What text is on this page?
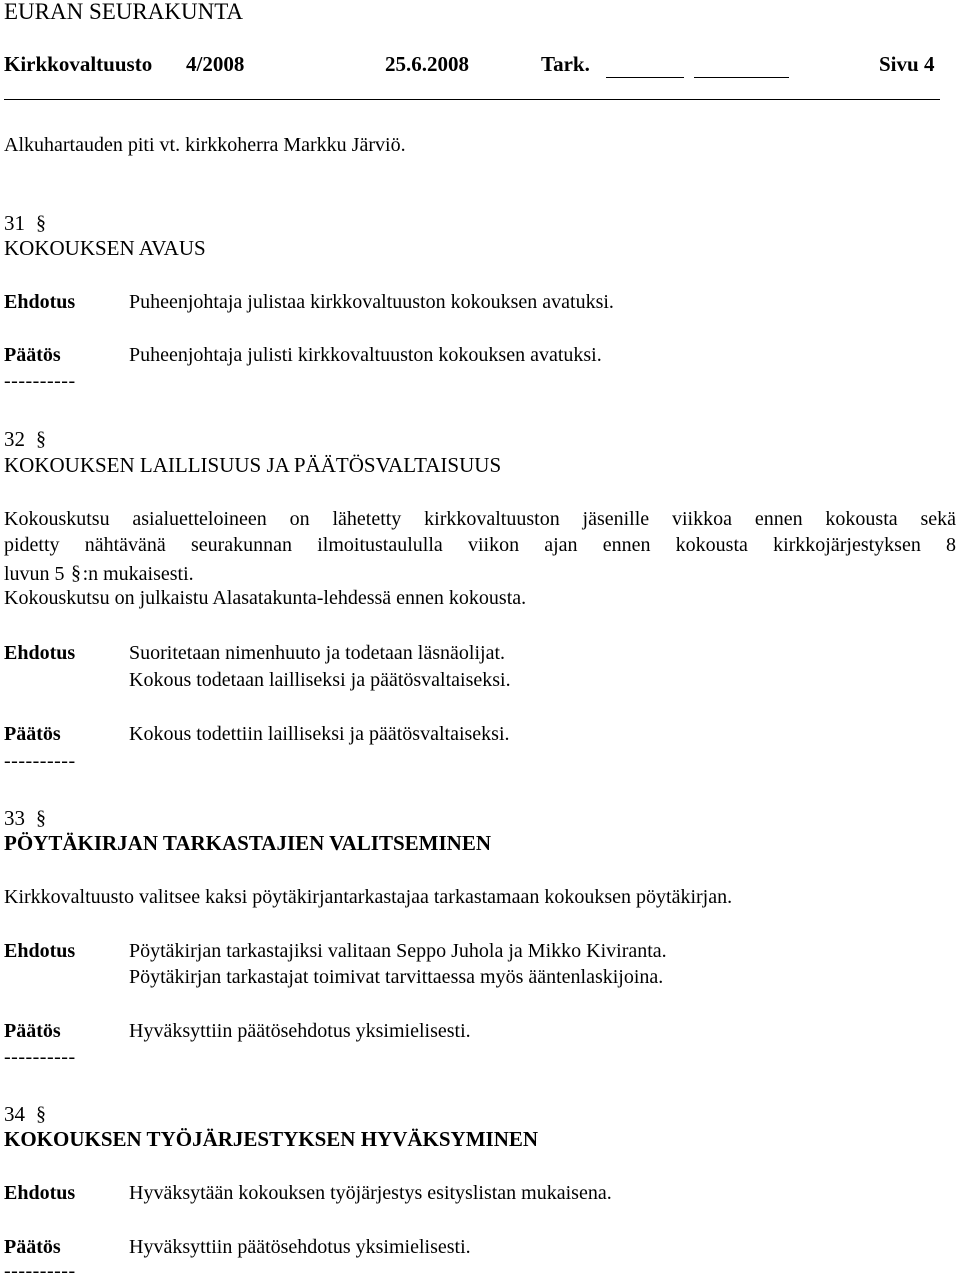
EURAN SEURAKUNTA
Kirkkovaltuusto 4/2008	25.6.2008	Tark.	Sivu 4
Alkuhartauden piti vt. kirkkoherra Markku Järviö.
31 §
KOKOUKSEN AVAUS
Ehdotus	Puheenjohtaja julistaa kirkkovaltuuston kokouksen avatuksi.
Päätös	Puheenjohtaja julisti kirkkovaltuuston kokouksen avatuksi.
----------
32 §
KOKOUKSEN LAILLISUUS JA PÄÄTÖSVALTAISUUS
Kokouskutsu asialuetteloineen on lähetetty kirkkovaltuuston jäsenille viikkoa ennen kokousta sekä
pidetty nähtävänä seurakunnan ilmoitustaululla viikon ajan ennen kokousta kirkkojärjestyksen 8
luvun 5 § :n mukaisesti.
Kokouskutsu on julkaistu Alasatakunta-lehdessä ennen kokousta.
Ehdotus	Suoritetaan nimenhuuto ja todetaan läsnäolijat.
Kokous todetaan lailliseksi ja päätösvaltaiseksi.
Päätös	Kokous todettiin lailliseksi ja päätösvaltaiseksi.
----------
33 §
PÖYTÄKIRJAN TARKASTAJIEN VALITSEMINEN
Kirkkovaltuusto valitsee kaksi pöytäkirjantarkastajaa tarkastamaan kokouksen pöytäkirjan.
Ehdotus	Pöytäkirjan tarkastajiksi valitaan Seppo Juhola ja Mikko Kiviranta.
Pöytäkirjan tarkastajat toimivat tarvittaessa myös ääntenlaskijoina.
Päätös	Hyväksyttiin päätösehdotus yksimielisesti.
----------
34 §
KOKOUKSEN TYÖJÄRJESTYKSEN HYVÄKSYMINEN
Ehdotus	Hyväksytään kokouksen työjärjestys esityslistan mukaisena.
Päätös	Hyväksyttiin päätösehdotus yksimielisesti.
----------
